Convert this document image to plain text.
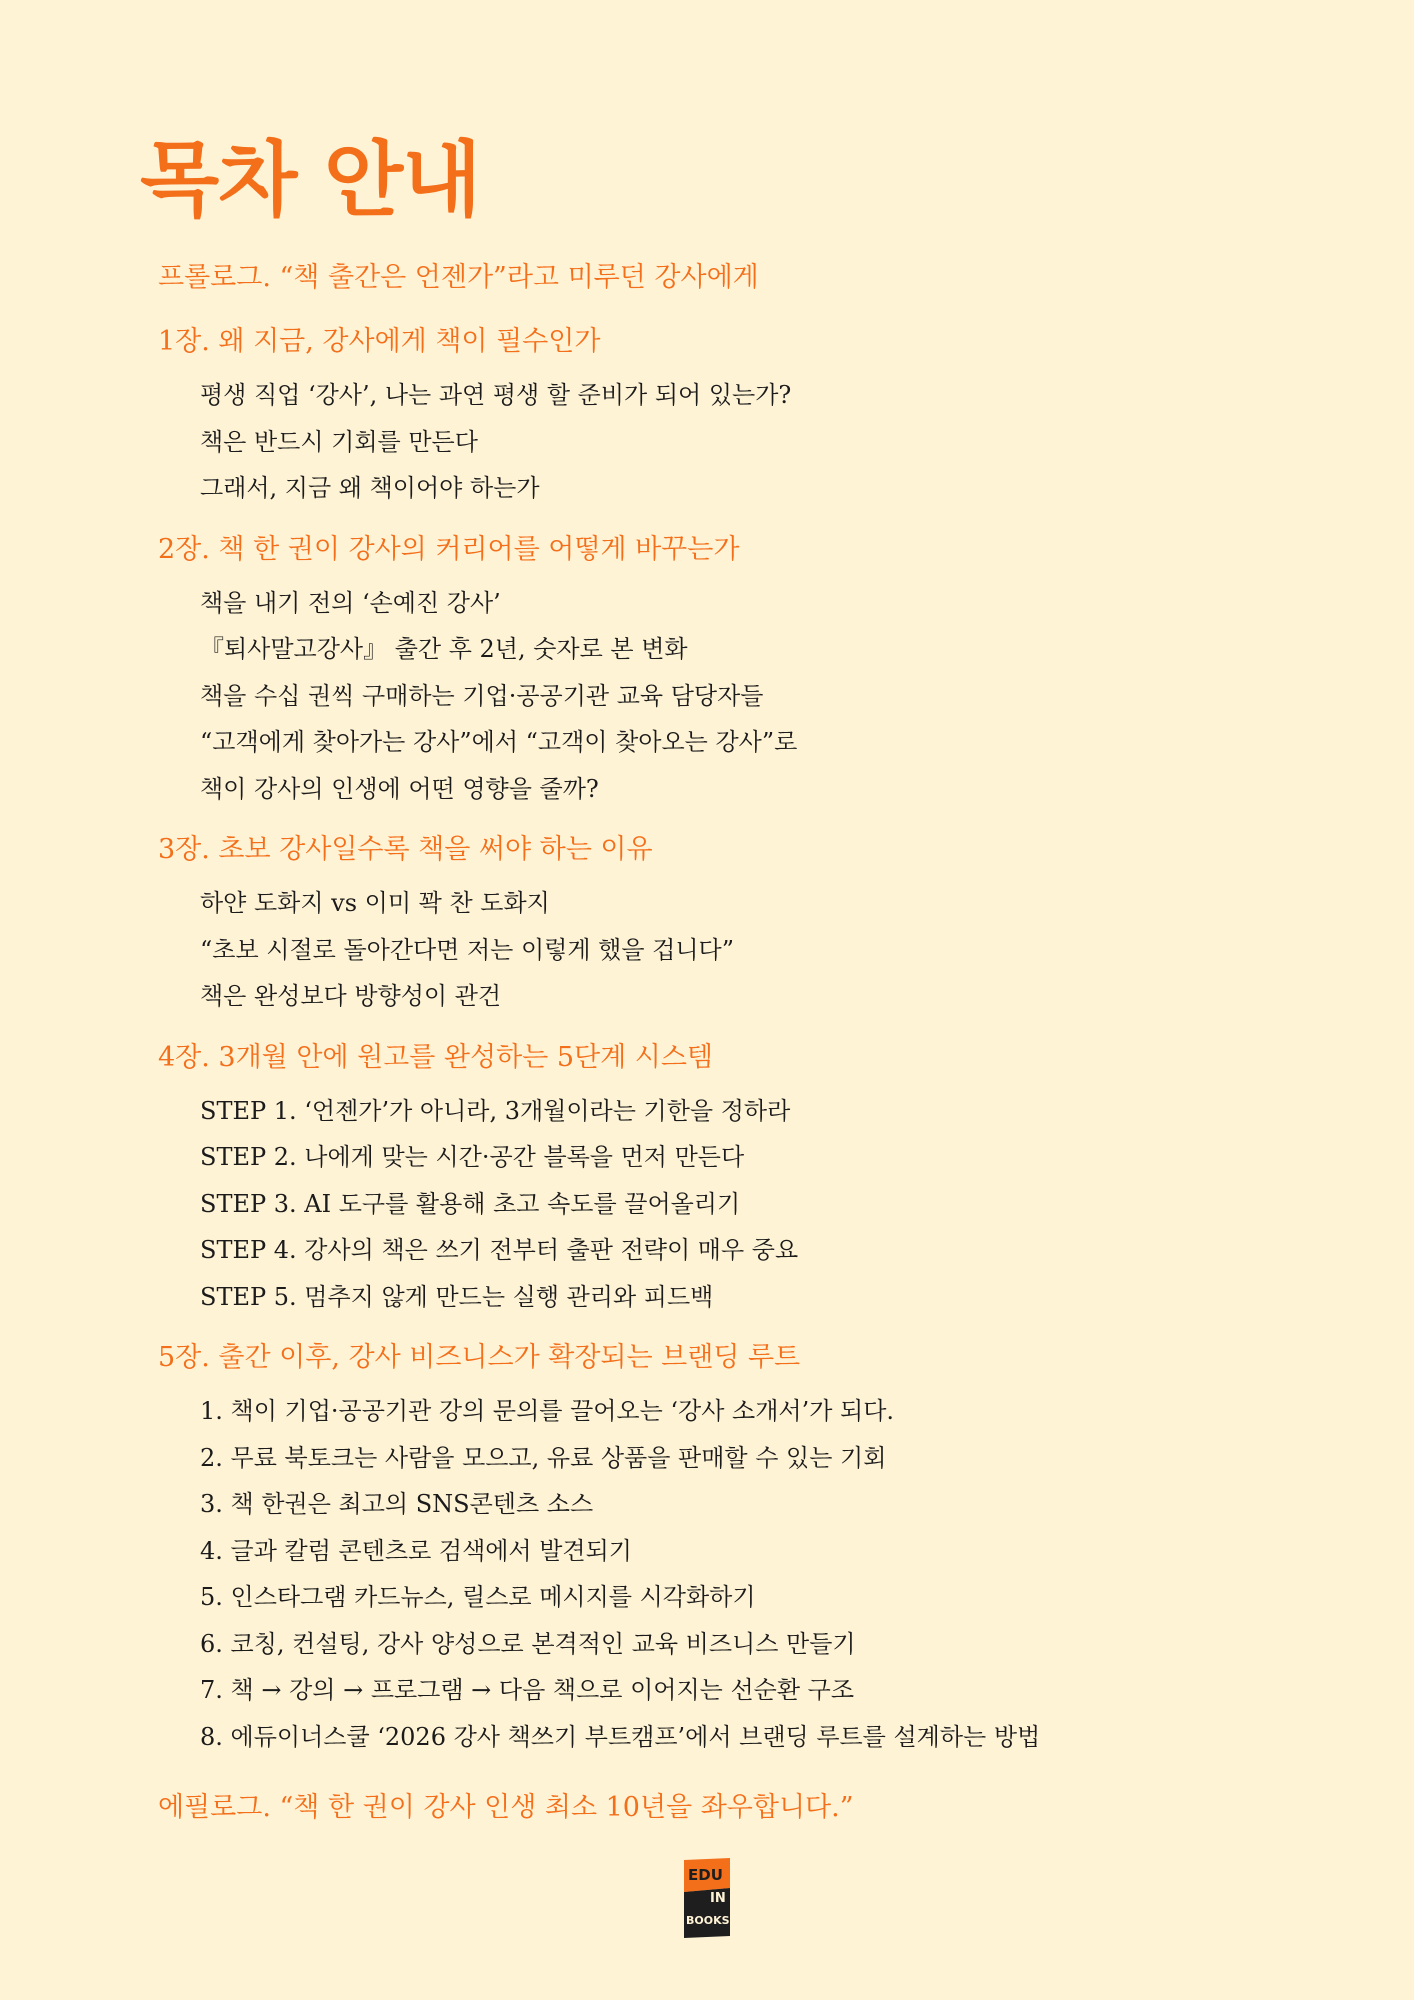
목차 안내

프롤로그. “책 출간은 언젠가”라고 미루던 강사에게

1장. 왜 지금, 강사에게 책이 필수인가

평생 직업 ‘강사’, 나는 과연 평생 할 준비가 되어 있는가?
책은 반드시 기회를 만든다
그래서, 지금 왜 책이어야 하는가

2장. 책 한 권이 강사의 커리어를 어떻게 바꾸는가

책을 내기 전의 ‘손예진 강사’
『퇴사말고강사』 출간 후 2년, 숫자로 본 변화
책을 수십 권씩 구매하는 기업·공공기관 교육 담당자들
“고객에게 찾아가는 강사”에서 “고객이 찾아오는 강사”로
책이 강사의 인생에 어떤 영향을 줄까?

3장. 초보 강사일수록 책을 써야 하는 이유

하얀 도화지 vs 이미 꽉 찬 도화지
“초보 시절로 돌아간다면 저는 이렇게 했을 겁니다”
책은 완성보다 방향성이 관건

4장. 3개월 안에 원고를 완성하는 5단계 시스템

STEP 1. ‘언젠가’가 아니라, 3개월이라는 기한을 정하라
STEP 2. 나에게 맞는 시간·공간 블록을 먼저 만든다
STEP 3. AI 도구를 활용해 초고 속도를 끌어올리기
STEP 4. 강사의 책은 쓰기 전부터 출판 전략이 매우 중요
STEP 5. 멈추지 않게 만드는 실행 관리와 피드백

5장. 출간 이후, 강사 비즈니스가 확장되는 브랜딩 루트

1. 책이 기업·공공기관 강의 문의를 끌어오는 ‘강사 소개서’가 되다.
2. 무료 북토크는 사람을 모으고, 유료 상품을 판매할 수 있는 기회
3. 책 한권은 최고의 SNS콘텐츠 소스
4. 글과 칼럼 콘텐츠로 검색에서 발견되기
5. 인스타그램 카드뉴스, 릴스로 메시지를 시각화하기
6. 코칭, 컨설팅, 강사 양성으로 본격적인 교육 비즈니스 만들기
7. 책 → 강의 → 프로그램 → 다음 책으로 이어지는 선순환 구조
8. 에듀이너스쿨 ‘2026 강사 책쓰기 부트캠프’에서 브랜딩 루트를 설계하는 방법

에필로그. “책 한 권이 강사 인생 최소 10년을 좌우합니다.”

EDU
IN
BOOKS
